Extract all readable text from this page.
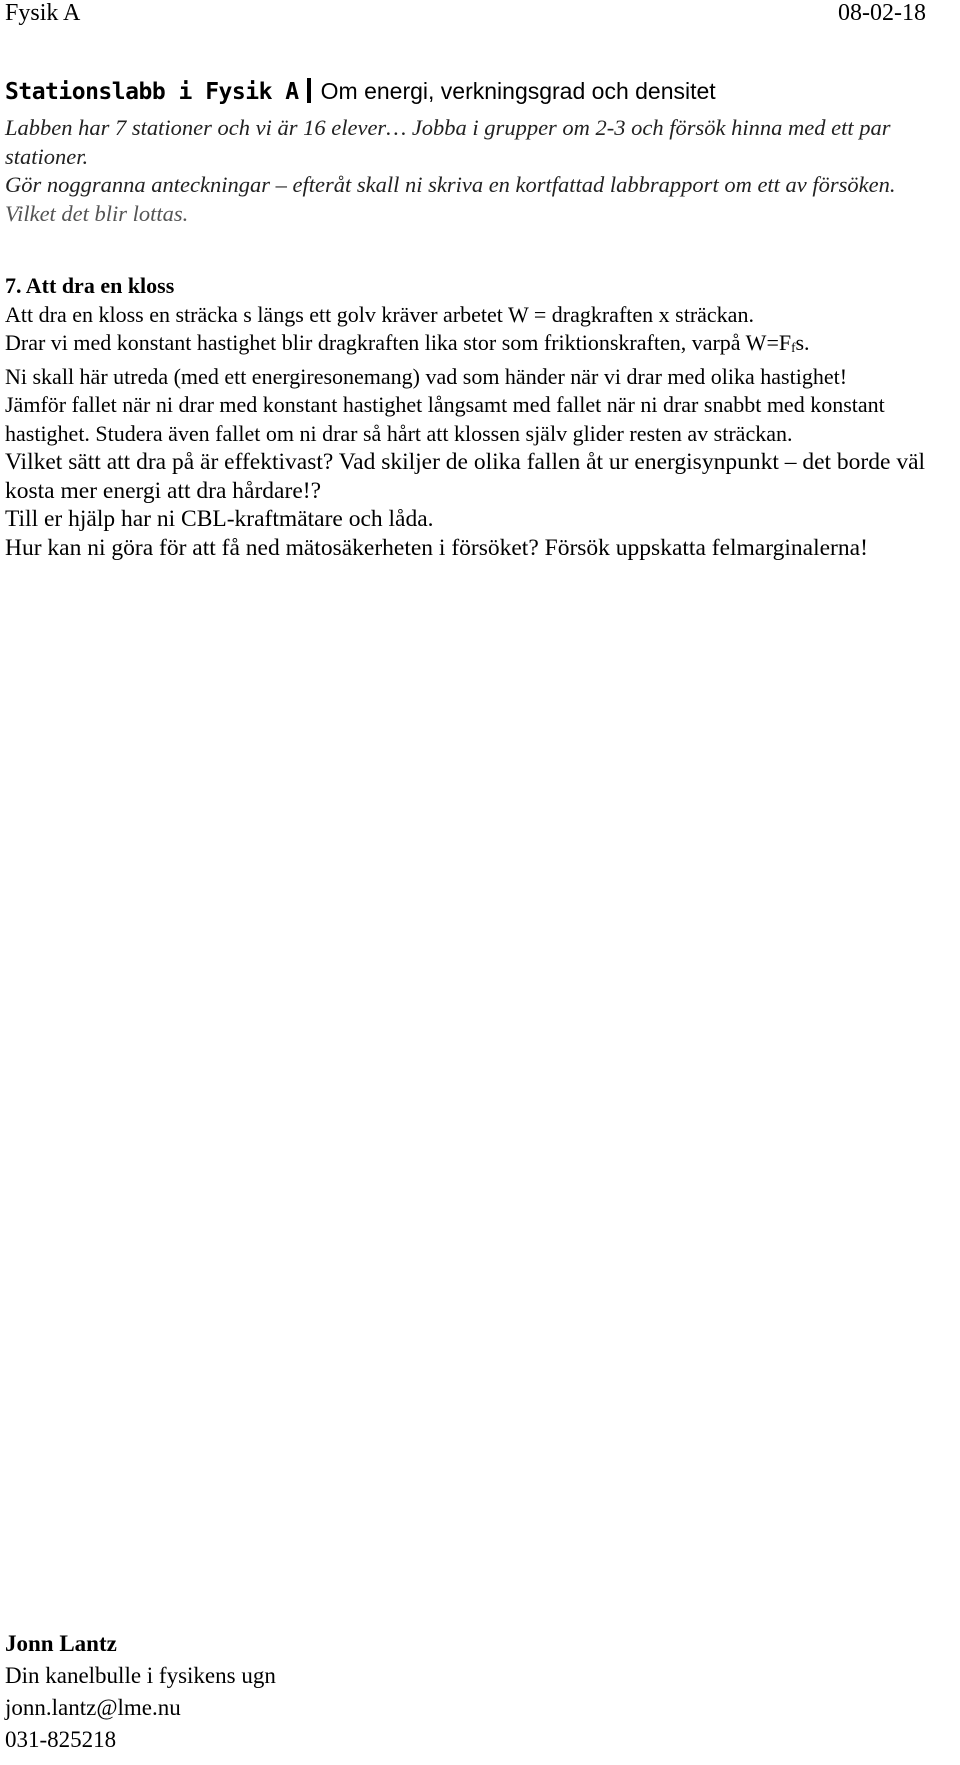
Fysik A	08-02-18
Stationslabb i Fysik A Om energi, verkningsgrad och densitet

Labben har 7 stationer och vi är 16 elever… Jobba i grupper om 2-3 och försök hinna med ett par stationer.

Gör noggranna anteckningar – efteråt skall ni skriva en kortfattad labbrapport om ett av försöken. Vilket det blir lottas.

7. Att dra en kloss

Att dra en kloss en sträcka s längs ett golv kräver arbetet W = dragkraften x sträckan.

Drar vi med konstant hastighet blir dragkraften lika stor som friktionskraften, varpå $W=F_fs$.

Ni skall här utreda (med ett energiresonemang) vad som händer när vi drar med olika hastighet!

Jämför fallet när ni drar med konstant hastighet långsamt med fallet när ni drar snabbt med konstant hastighet. Studera även fallet om ni drar så hårt att klossen själv glider resten av sträckan.

Vilket sätt att dra på är effektivast? Vad skiljer de olika fallen åt ur energisynpunkt – det borde väl kosta mer energi att dra hårdare!?

Till er hjälp har ni CBL-kraftmätare och låda.

Hur kan ni göra för att få ned mätosäkerheten i försöket? Försök uppskatta felmarginalerna!

Jonn Lantz

Din kanelbulle i fysikens ugn

jonn.lantz@lme.nu

031-825218
